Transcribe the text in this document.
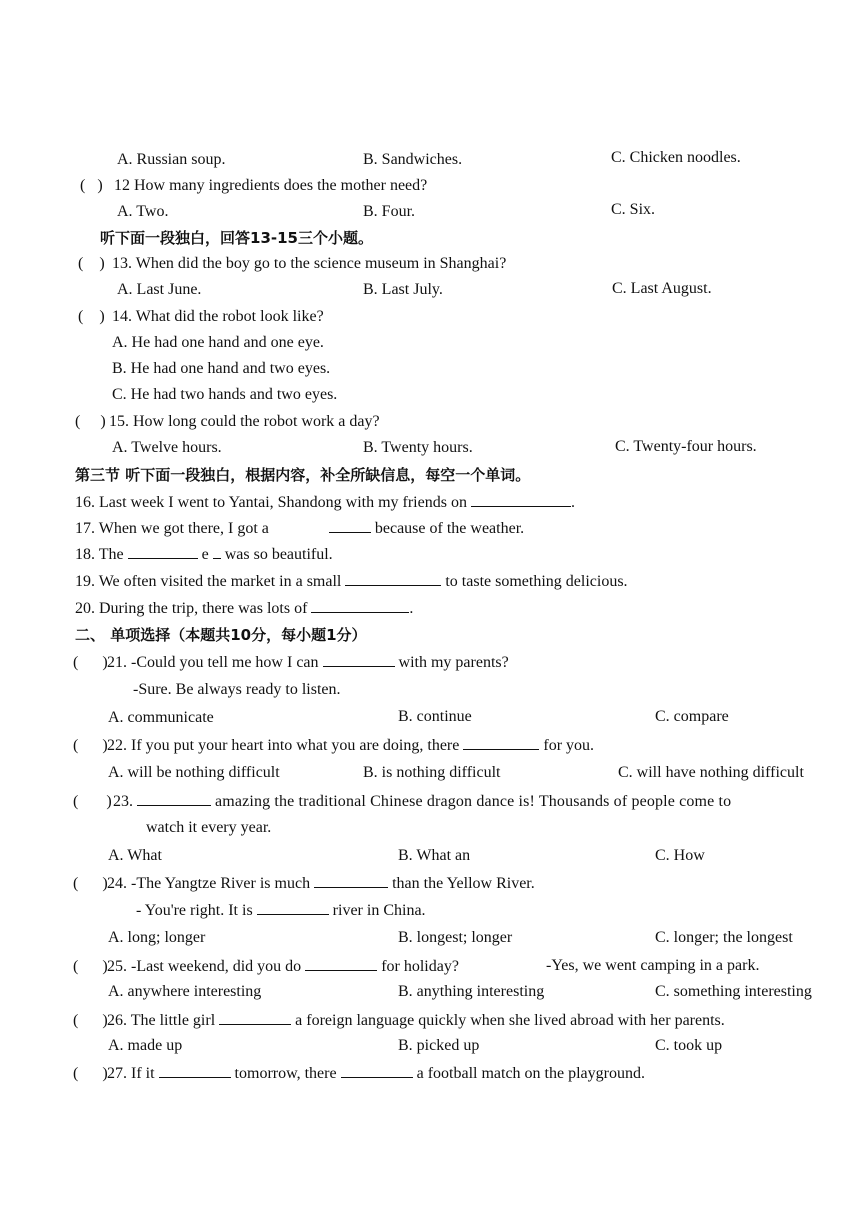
A. Russian soup.	B. Sandwiches.	C. Chicken noodles.
( ) 12 How many ingredients does the mother need?
A. Two.	B. Four.	C. Six.
听下面一段独白，回答13-15三个小题。
( ) 13. When did the boy go to the science museum in Shanghai?
A. Last June.	B. Last July.	C. Last August.
( ) 14. What did the robot look like?
A. He had one hand and one eye.
B. He had one hand and two eyes.
C. He had two hands and two eyes.
( ) 15. How long could the robot work a day?
A. Twelve hours.	B. Twenty hours.	C. Twenty-four hours.
第三节 听下面一段独白，根据内容，补全所缺信息，每空一个单词。
16. Last week I went to Yantai, Shandong with my friends on	.
17. When we got there, I got a	because of the weather.
18. The	e was so beautiful.
19. We often visited the market in a small	to taste something delicious.
20. During the trip, there was lots of	.
二、 单项选择（本题共10分，每小题1分）
( )21. -Could you tell me how I can	with my parents?
-Sure. Be always ready to listen.
A. communicate	B. continue	C. compare
( )22. If you put your heart into what you are doing, there	for you.
A. will be nothing difficult	B. is nothing difficult	C. will have nothing difficult
( )23.	amazing the traditional Chinese dragon dance is! Thousands of people come to
watch it every year.
A. What	B. What an	C. How
( )24. -The Yangtze River is much	than the Yellow River.
- You're right. It is	river in China.
A. long; longer	B. longest; longer	C. longer; the longest
( )25. -Last weekend, did you do	for holiday?	-Yes, we went camping in a park.
A. anywhere interesting	B. anything interesting	C. something interesting
( )26. The little girl	a foreign language quickly when she lived abroad with her parents.
A. made up	B. picked up	C. took up
( )27. If it	tomorrow, there	a football match on the playground.
